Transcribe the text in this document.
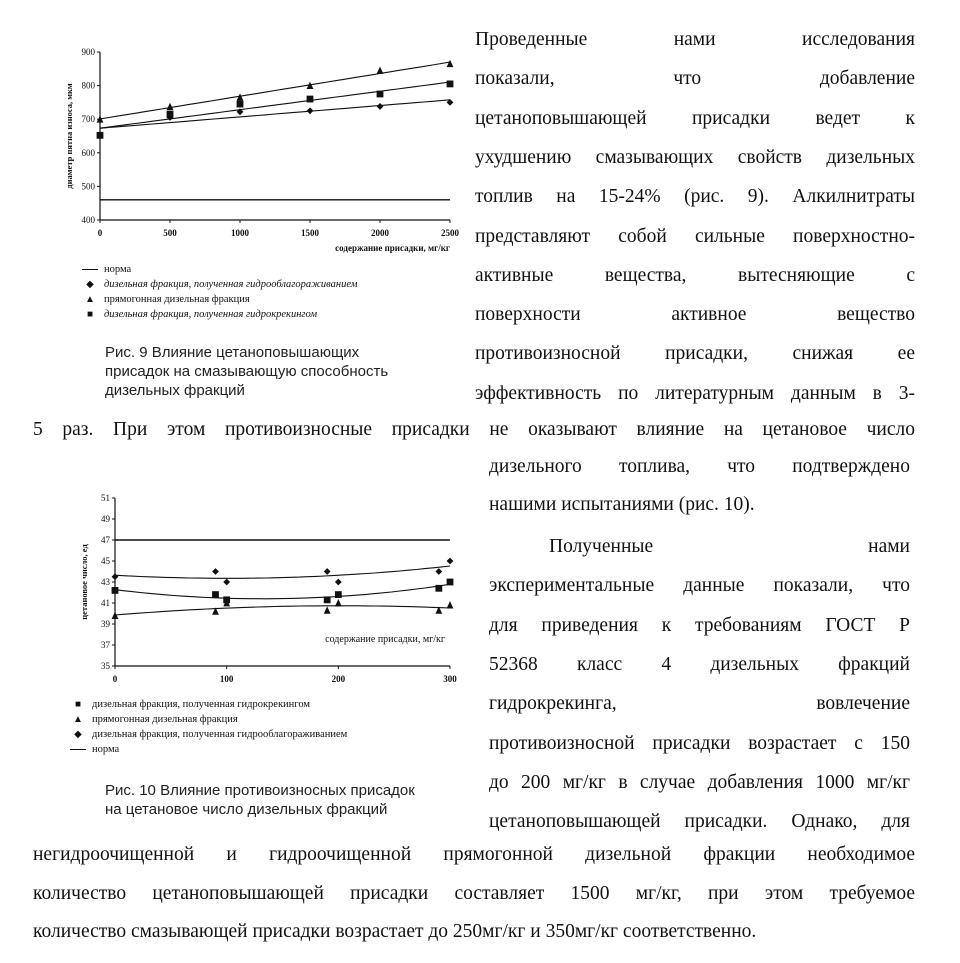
Проведенные нами исследования
показали, что добавление
цетаноповышающей присадки ведет к
ухудшению смазывающих свойств дизельных
топлив на 15-24% (рис. 9). Алкилнитраты
представляют собой сильные поверхностно-
активные вещества, вытесняющие с
поверхности активное вещество
противоизносной присадки, снижая ее
эффективность по литературным данным в 3-
5 раз. При этом противоизносные присадки не оказывают влияние на цетановое число
дизельного топлива, что подтверждено
нашими испытаниями (рис. 10).
Полученные нами
экспериментальные данные показали, что
для приведения к требованиям ГОСТ Р
52368 класс 4 дизельных фракций
гидрокрекинга, вовлечение
противоизносной присадки возрастает с 150
до 200 мг/кг в случае добавления 1000 мг/кг
цетаноповышающей присадки. Однако, для
негидроочищенной и гидроочищенной прямогонной дизельной фракции необходимое
количество цетаноповышающей присадки составляет 1500 мг/кг, при этом требуемое
количество смазывающей присадки возрастает до 250мг/кг и 350мг/кг соответственно.
400
500
600
700
800
900
0	500	1000	1500	2000	2500
диаметр пятна износа, мкм
содержание присадки, мг/кг
норма
◆ дизельная фракция, полученная гидрооблагораживанием
▲ прямогонная дизельная фракция
■	дизельная фракция, полученная гидрокрекингом
Рис. 9 Влияние цетаноповышающих
присадок на смазывающую способность
дизельных фракций
35
37
39
41
43
45
47
49
51
0	100	200	300
цетановое число, ед
содержание присадки, мг/кг
■	дизельная фракция, полученная гидрокрекингом
▲ прямогонная дизельная фракция
◆ дизельная фракция, полученная гидрооблагораживанием
норма
Рис. 10 Влияние противоизносных присадок
на цетановое число дизельных фракций
